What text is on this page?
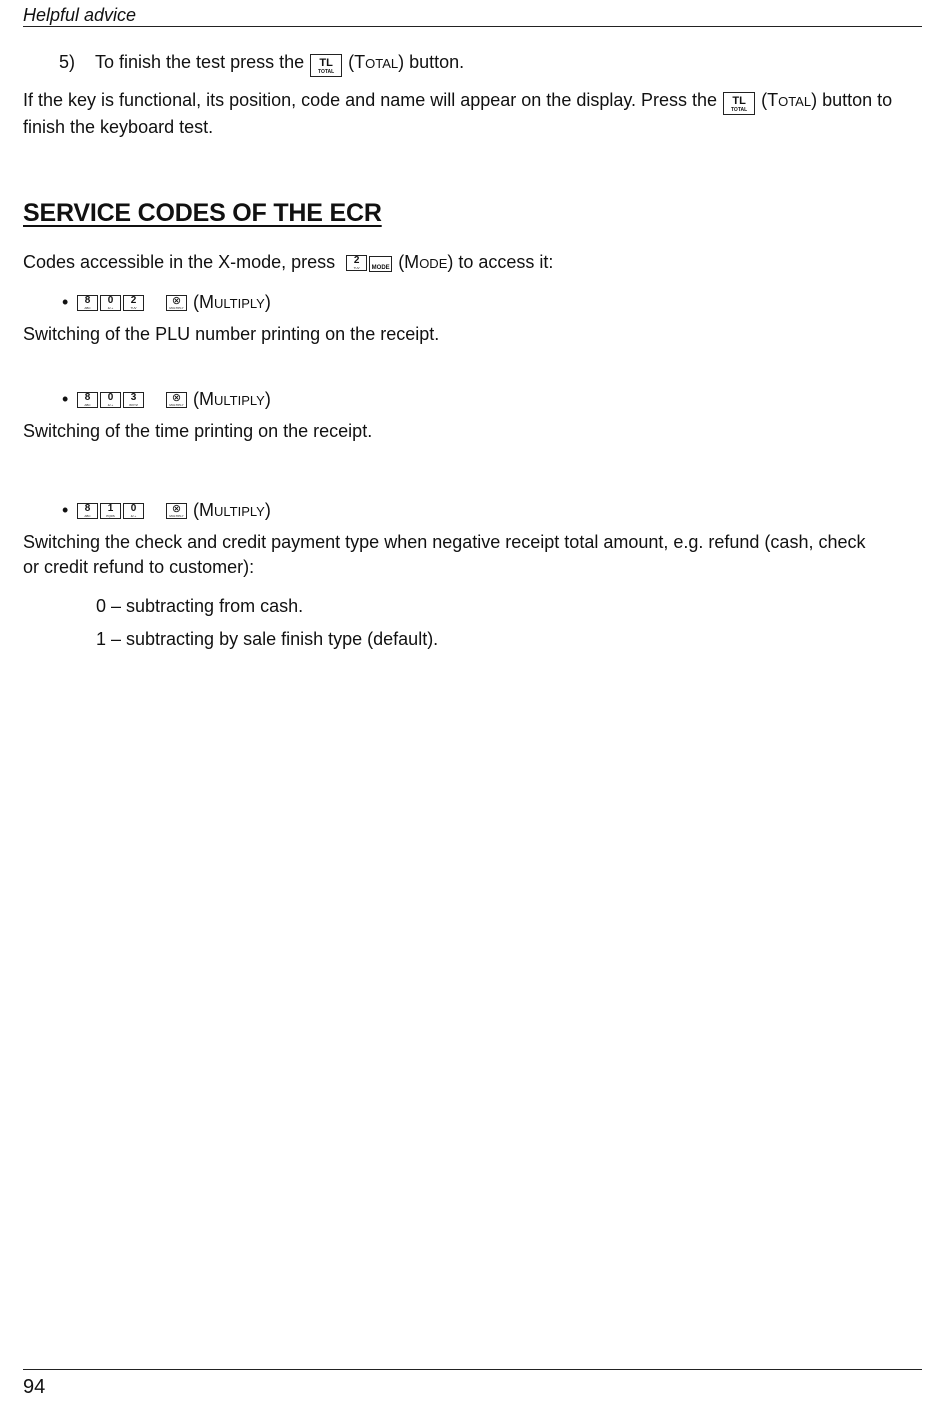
Helpful advice
5) To finish the test press the	TL
TOTAL (TOTAL) button.
If the key is functional, its position, code and name will appear on the display. Press the	TL
TOTAL (TOTAL) button to finish the keyboard test.
SERVICE CODES OF THE ECR
Codes accessible in the X-mode, press	2
TUV	MODE (MODE) to access it:
•	8
ABC
0
&/.+
2
TUV
⊗
MULTIPLY (MULTIPLY)
Switching of the PLU number printing on the receipt.
•	8
ABC
0
&/.+
3
WXYZ
⊗
MULTIPLY (MULTIPLY)
Switching of the time printing on the receipt.
•	8
ABC
1
PQRS
0
&/.+
⊗
MULTIPLY (MULTIPLY)
Switching the check and credit payment type when negative receipt total amount, e.g. refund (cash, check
or credit refund to customer):
0 – subtracting from cash.
1 – subtracting by sale finish type (default).
94
